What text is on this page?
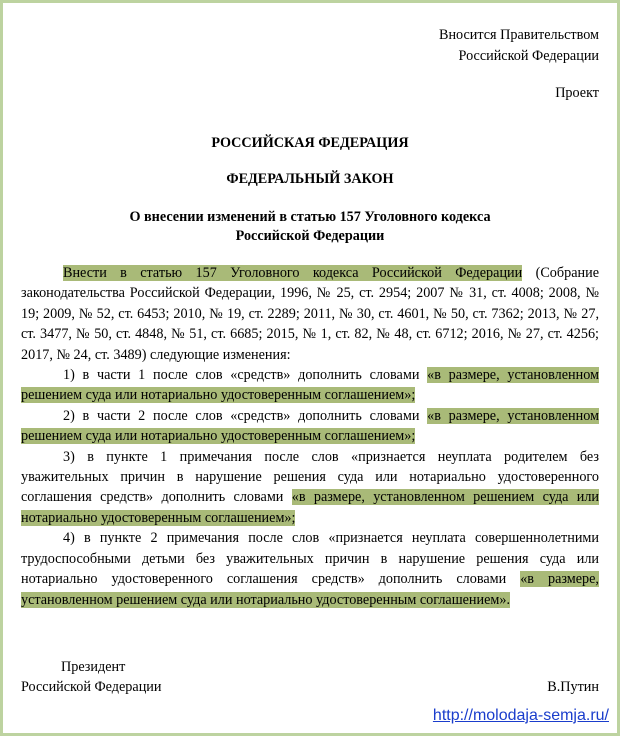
Вносится Правительством
Российской Федерации
Проект
РОССИЙСКАЯ ФЕДЕРАЦИЯ
ФЕДЕРАЛЬНЫЙ ЗАКОН
О внесении изменений в статью 157 Уголовного кодекса
Российской Федерации

Внести в статью 157 Уголовного кодекса Российской Федерации (Собрание законодательства Российской Федерации, 1996, № 25, ст. 2954; 2007 № 31, ст. 4008; 2008, № 19; 2009, № 52, ст. 6453; 2010, № 19, ст. 2289; 2011, № 30, ст. 4601, № 50, ст. 7362; 2013, № 27, ст. 3477, № 50, ст. 4848, № 51, ст. 6685; 2015, № 1, ст. 82, № 48, ст. 6712; 2016, № 27, ст. 4256; 2017, № 24, ст. 3489) следующие изменения:

1) в части 1 после слов «средств» дополнить словами «в размере, установленном решением суда или нотариально удостоверенным соглашением»;

2) в части 2 после слов «средств» дополнить словами «в размере, установленном решением суда или нотариально удостоверенным соглашением»;

3) в пункте 1 примечания после слов «признается неуплата родителем без уважительных причин в нарушение решения суда или нотариально удостоверенного соглашения средств» дополнить словами «в размере, установленном решением суда или нотариально удостоверенным соглашением»;

4) в пункте 2 примечания после слов «признается неуплата совершеннолетними трудоспособными детьми без уважительных причин в нарушение решения суда или нотариально удостоверенного соглашения средств» дополнить словами «в размере, установленном решением суда или нотариально удостоверенным соглашением».

Президент
Российской Федерации	В.Путин
http://molodaja-semja.ru/
